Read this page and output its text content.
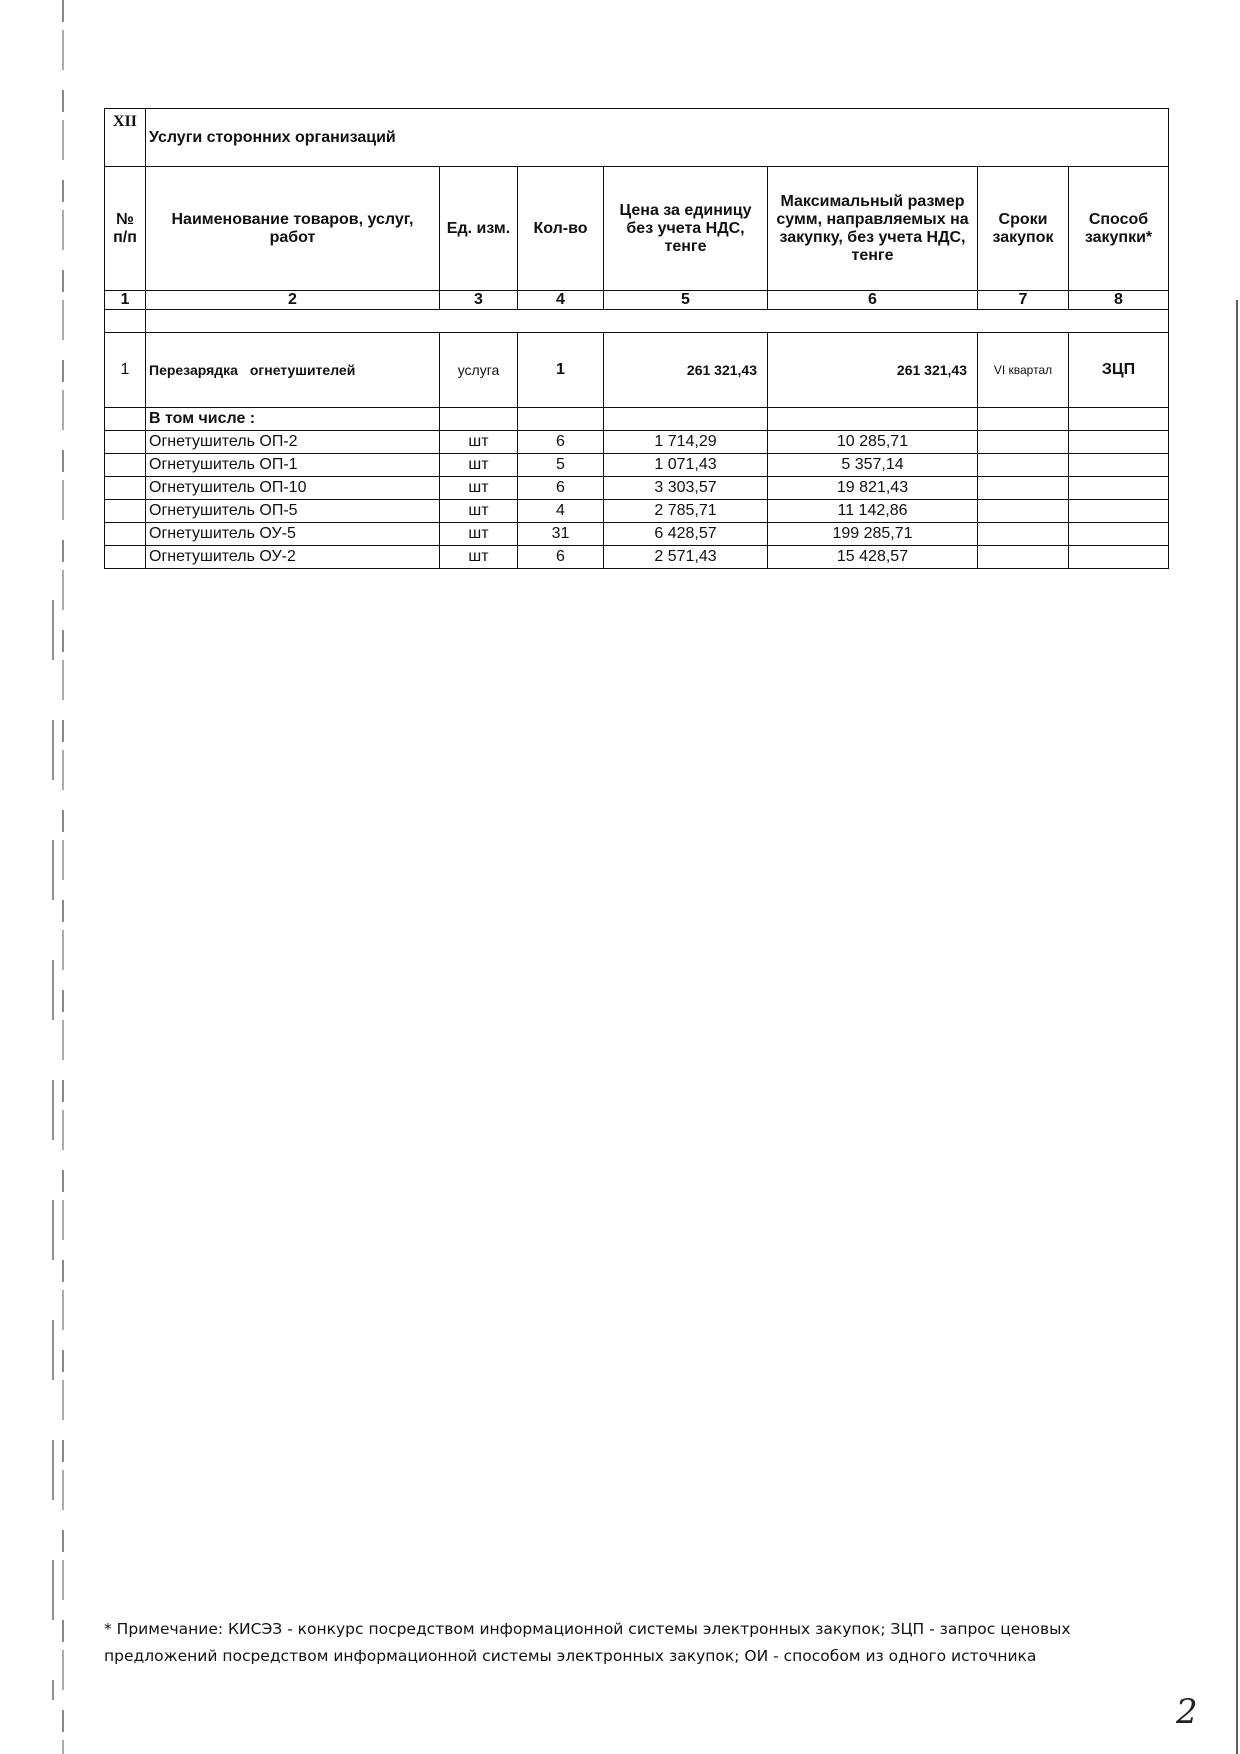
XII	Услуги сторонних организаций						
№ п/п	Наименование товаров, услуг, работ	Ед. изм.	Кол-во	Цена за единицу без учета НДС, тенге	Максимальный размер сумм, направляемых на закупку, без учета НДС, тенге	Сроки закупок	Способ закупки*
1	2	3	4	5	6	7	8

1	Перезарядка огнетушителей	услуга	1	261 321,43	261 321,43	VI квартал	ЗЦП
	В том числе :						
	Огнетушитель ОП-2	шт	6	1 714,29	10 285,71		
	Огнетушитель ОП-1	шт	5	1 071,43	5 357,14		
	Огнетушитель ОП-10	шт	6	3 303,57	19 821,43		
	Огнетушитель ОП-5	шт	4	2 785,71	11 142,86		
	Огнетушитель ОУ-5	шт	31	6 428,57	199 285,71		
	Огнетушитель ОУ-2	шт	6	2 571,43	15 428,57		
* Примечание: КИСЭЗ - конкурс посредством информационной системы электронных закупок; ЗЦП - запрос ценовых предложений посредством информационной системы электронных закупок; ОИ - способом из одного источника
2
